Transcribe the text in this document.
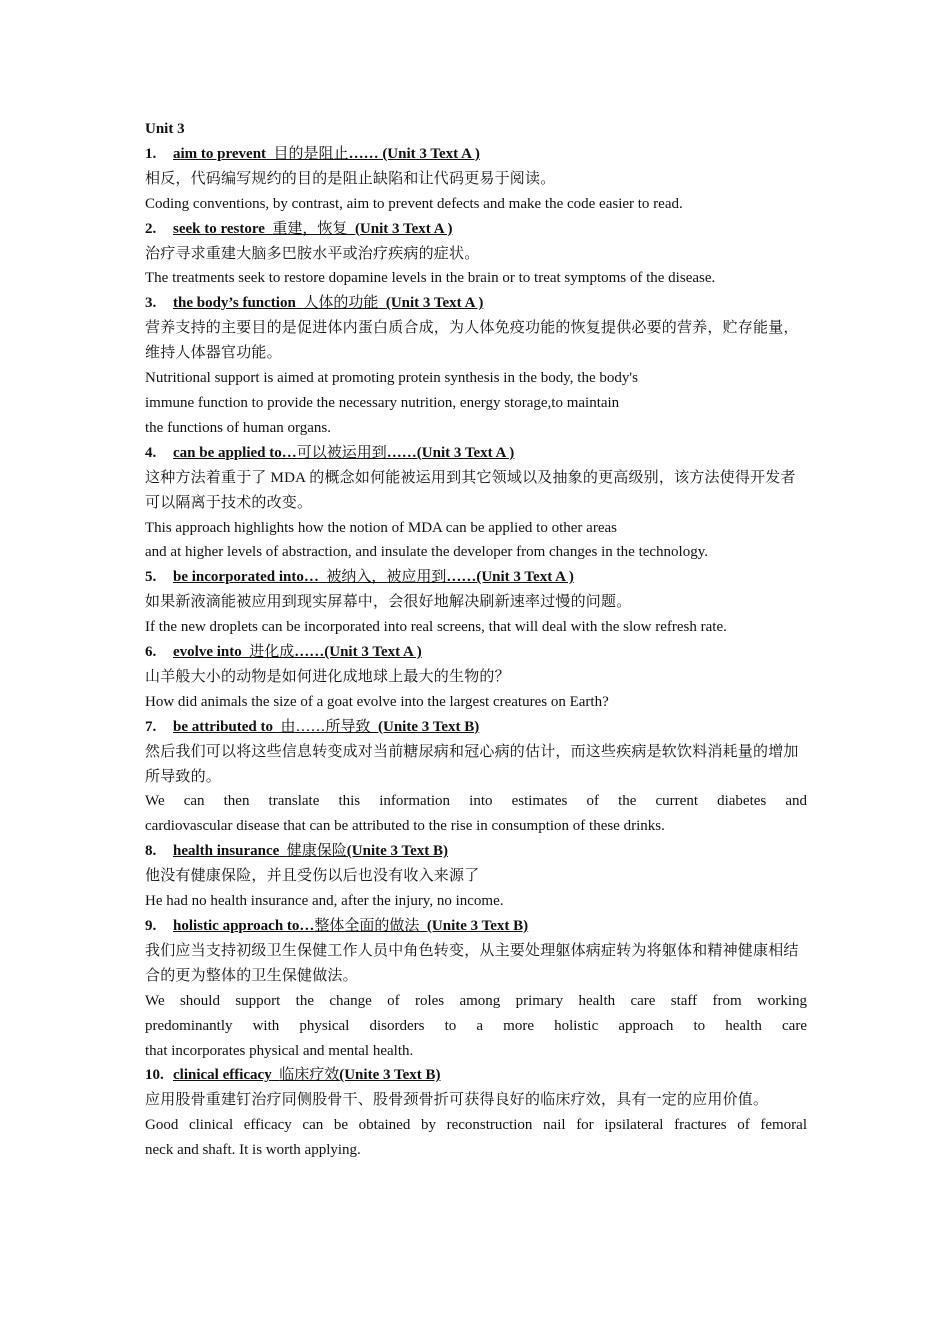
Unit 3
1. aim to prevent 目的是阻止…… (Unit 3 Text A )
相反，代码编写规约的目的是阻止缺陷和让代码更易于阅读。
Coding conventions, by contrast, aim to prevent defects and make the code easier to read.
2. seek to restore 重建，恢复 (Unit 3 Text A )
治疗寻求重建大脑多巴胺水平或治疗疾病的症状。
The treatments seek to restore dopamine levels in the brain or to treat symptoms of the disease.
3. the body’s function 人体的功能 (Unit 3 Text A )
营养支持的主要目的是促进体内蛋白质合成，为人体免疫功能的恢复提供必要的营养，贮存能量，维持人体器官功能。
Nutritional support is aimed at promoting protein synthesis in the body, the body's
immune function to provide the necessary nutrition, energy storage,to maintain
the functions of human organs.
4. can be applied to…可以被运用到……(Unit 3 Text A )
这种方法着重于了 MDA 的概念如何能被运用到其它领域以及抽象的更高级别，该方法使得开发者可以隔离于技术的改变。
This approach highlights how the notion of MDA can be applied to other areas
and at higher levels of abstraction, and insulate the developer from changes in the technology.
5. be incorporated into… 被纳入，被应用到……(Unit 3 Text A )
如果新液滴能被应用到现实屏幕中，会很好地解决刷新速率过慢的问题。
If the new droplets can be incorporated into real screens, that will deal with the slow refresh rate.
6. evolve into 进化成……(Unit 3 Text A )
山羊般大小的动物是如何进化成地球上最大的生物的？
How did animals the size of a goat evolve into the largest creatures on Earth?
7. be attributed to 由……所导致 (Unite 3 Text B)
然后我们可以将这些信息转变成对当前糖尿病和冠心病的估计，而这些疾病是软饮料消耗量的增加所导致的。
We can then translate this information into estimates of the current diabetes and
cardiovascular disease that can be attributed to the rise in consumption of these drinks.
8. health insurance 健康保险(Unite 3 Text B)
他没有健康保险，并且受伤以后也没有收入来源了
He had no health insurance and, after the injury, no income.
9. holistic approach to…整体全面的做法 (Unite 3 Text B)
我们应当支持初级卫生保健工作人员中角色转变，从主要处理躯体病症转为将躯体和精神健康相结合的更为整体的卫生保健做法。
We should support the change of roles among primary health care staff from working
predominantly with physical disorders to a more holistic approach to health care
that incorporates physical and mental health.
10. clinical efficacy 临床疗效(Unite 3 Text B)
应用股骨重建钉治疗同侧股骨干、股骨颈骨折可获得良好的临床疗效，具有一定的应用价值。
Good clinical efficacy can be obtained by reconstruction nail for ipsilateral fractures of femoral
neck and shaft. It is worth applying.
